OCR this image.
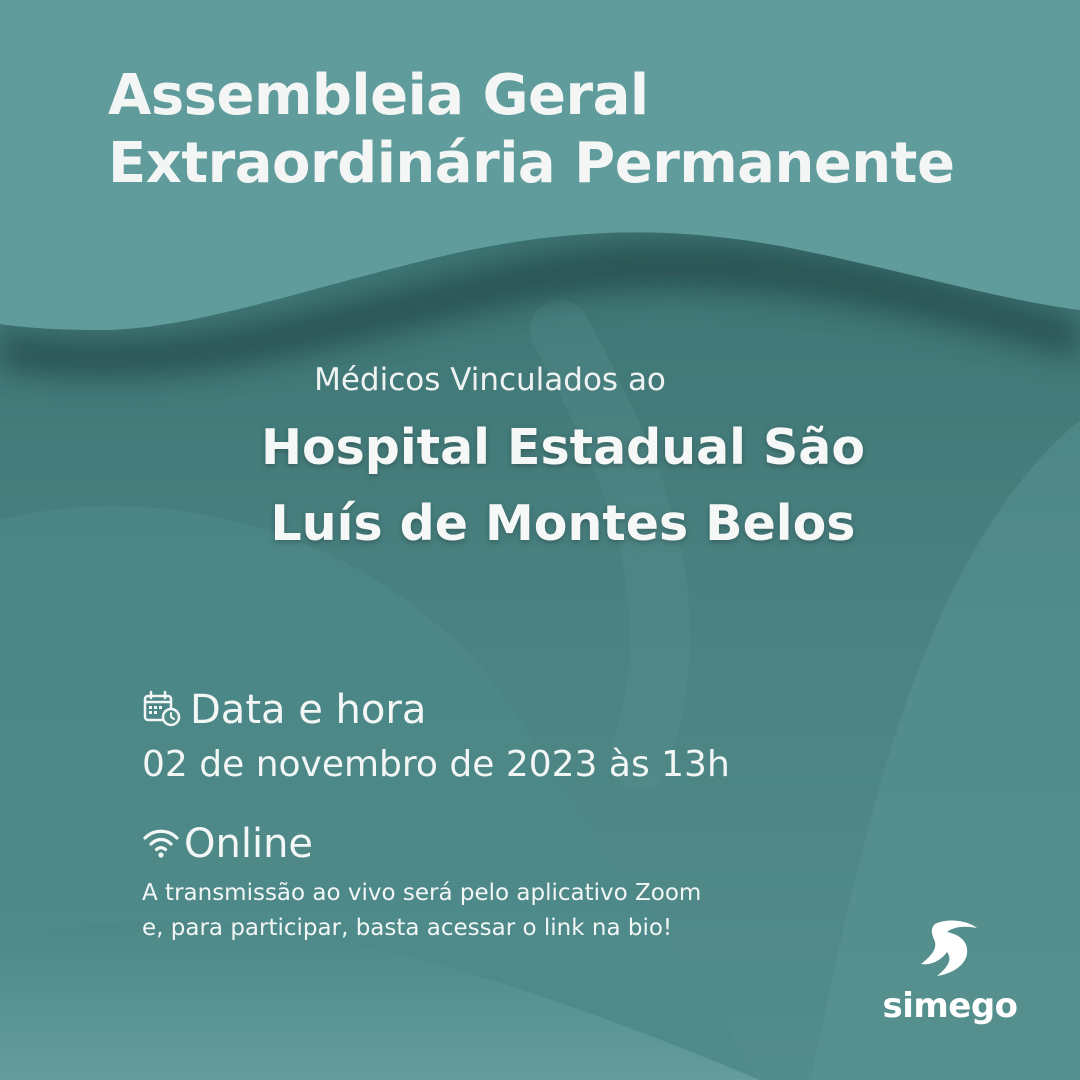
Assembleia Geral
Extraordinária Permanente

Médicos Vinculados ao

Hospital Estadual São
Luís de Montes Belos
Data e hora
02 de novembro de 2023 às 13h
Online
A transmissão ao vivo será pelo aplicativo Zoom
e, para participar, basta acessar o link na bio!
simego
